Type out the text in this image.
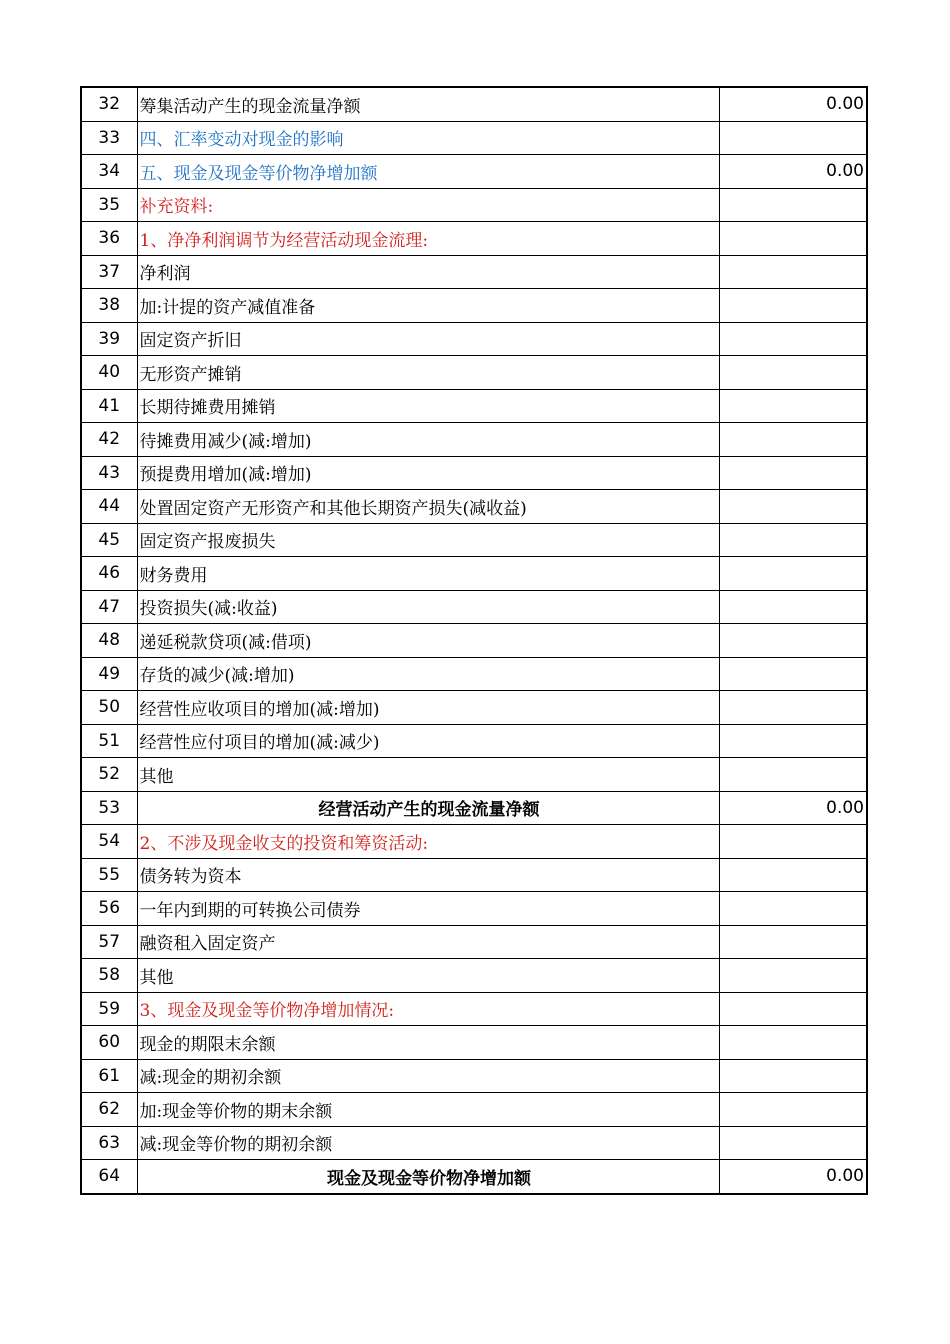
32	筹集活动产生的现金流量净额	0.00
33	四、汇率变动对现金的影响	
34	五、现金及现金等价物净增加额	0.00
35	补充资料:	
36	1、净净利润调节为经营活动现金流理:	
37	净利润	
38	加:计提的资产减值准备	
39	固定资产折旧	
40	无形资产摊销	
41	长期待摊费用摊销	
42	待摊费用减少(减:增加)	
43	预提费用增加(减:增加)	
44	处置固定资产无形资产和其他长期资产损失(减收益)	
45	固定资产报废损失	
46	财务费用	
47	投资损失(减:收益)	
48	递延税款贷项(减:借项)	
49	存货的减少(减:增加)	
50	经营性应收项目的增加(减:增加)	
51	经营性应付项目的增加(减:减少)	
52	其他	
53	经营活动产生的现金流量净额	0.00
54	2、不涉及现金收支的投资和筹资活动:	
55	债务转为资本	
56	一年内到期的可转换公司债券	
57	融资租入固定资产	
58	其他	
59	3、现金及现金等价物净增加情况:	
60	现金的期限末余额	
61	减:现金的期初余额	
62	加:现金等价物的期末余额	
63	减:现金等价物的期初余额	
64	现金及现金等价物净增加额	0.00
